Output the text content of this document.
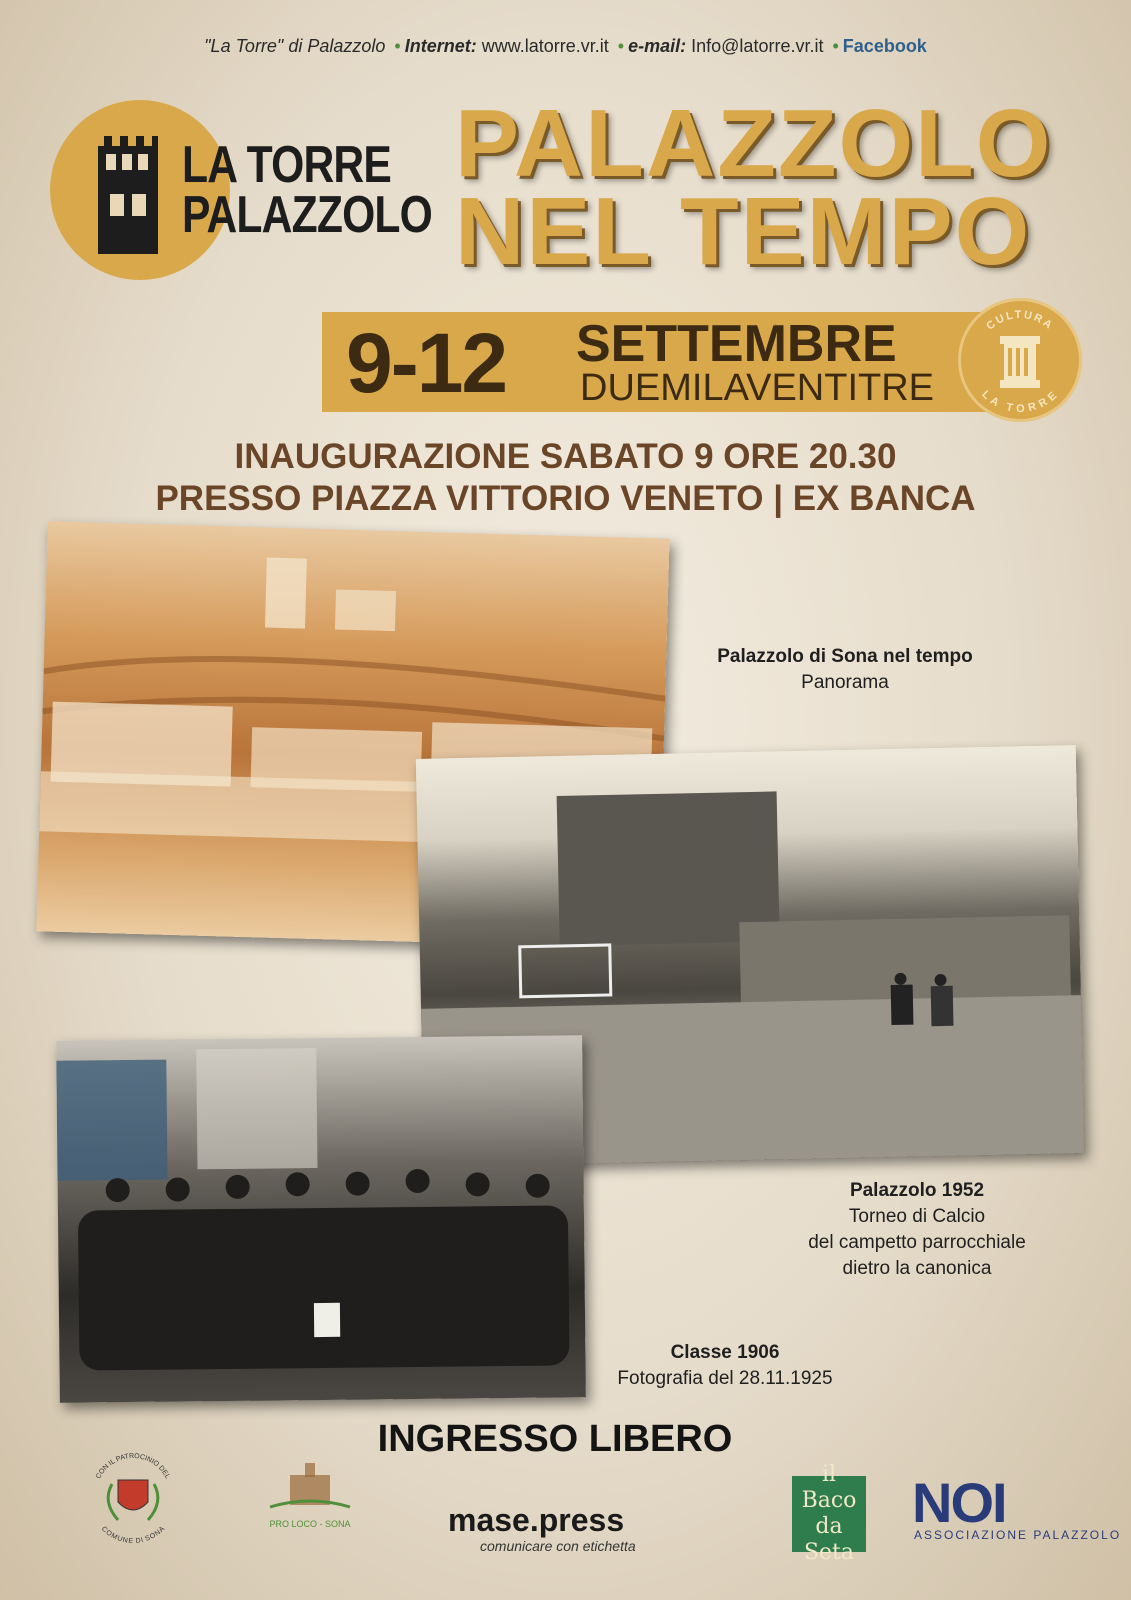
"La Torre" di Palazzolo • Internet: www.latorre.vr.it • e-mail: Info@latorre.vr.it • Facebook
LA TORRE
PALAZZOLO
PALAZZOLO
NEL TEMPO
9-12 SETTEMBRE
DUEMILAVENTITRE
CULTURA
LA TORRE
INAUGURAZIONE SABATO 9 ORE 20.30
PRESSO PIAZZA VITTORIO VENETO | EX BANCA
Palazzolo di Sona nel tempo
Panorama
Palazzolo 1952
Torneo di Calcio
del campetto parrocchiale
dietro la canonica
Classe 1906
Fotografia del 28.11.1925
INGRESSO LIBERO
CON IL PATROCINIO DEL
COMUNE DI SONA
PRO LOCO - SONA	mase.press
comunicare con etichetta
il Baco da Seta
NOI
ASSOCIAZIONE PALAZZOLO
